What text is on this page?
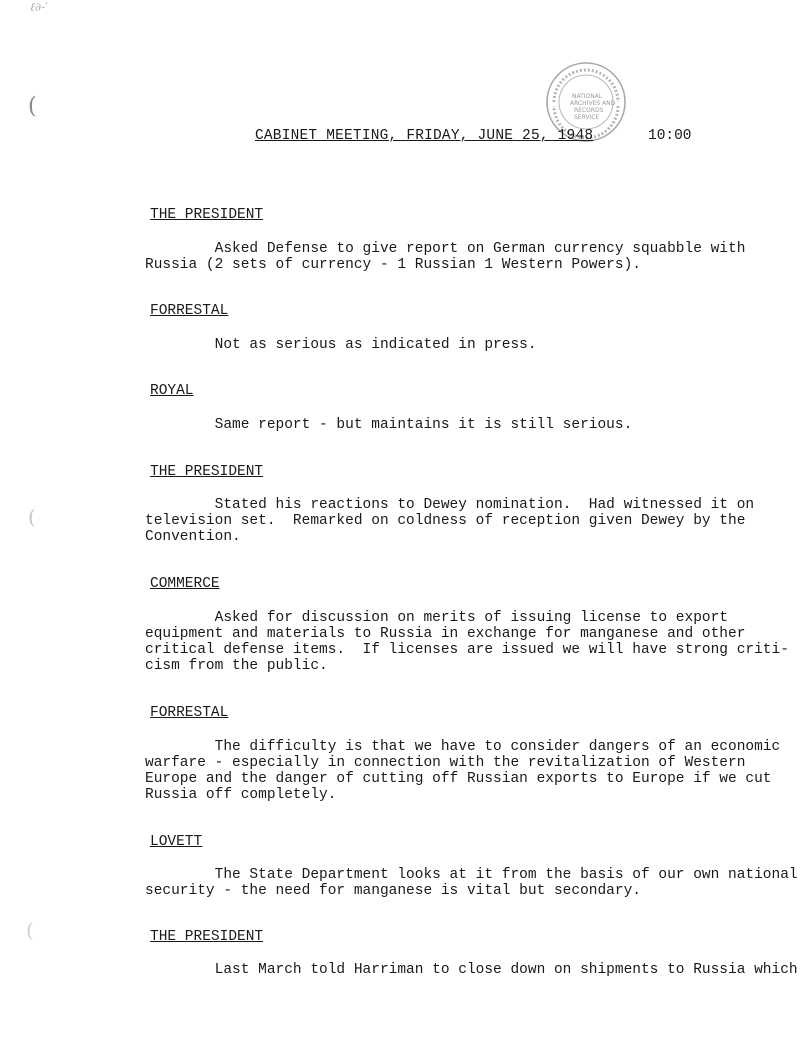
ℓ∂-′
NATIONAL
ARCHIVES AND
RECORDS
SERVICE
(
(
(
CABINET MEETING, FRIDAY, JUNE 25, 1948	10:00
THE PRESIDENT
Asked Defense to give report on German currency squabble with
Russia (2 sets of currency - 1 Russian 1 Western Powers).
FORRESTAL
Not as serious as indicated in press.
ROYAL
Same report - but maintains it is still serious.
THE PRESIDENT
Stated his reactions to Dewey nomination.  Had witnessed it on
television set.  Remarked on coldness of reception given Dewey by the
Convention.
COMMERCE
Asked for discussion on merits of issuing license to export
equipment and materials to Russia in exchange for manganese and other
critical defense items.  If licenses are issued we will have strong criti-
cism from the public.
FORRESTAL
The difficulty is that we have to consider dangers of an economic
warfare - especially in connection with the revitalization of Western
Europe and the danger of cutting off Russian exports to Europe if we cut
Russia off completely.
LOVETT
The State Department looks at it from the basis of our own national
security - the need for manganese is vital but secondary.
THE PRESIDENT
Last March told Harriman to close down on shipments to Russia which
